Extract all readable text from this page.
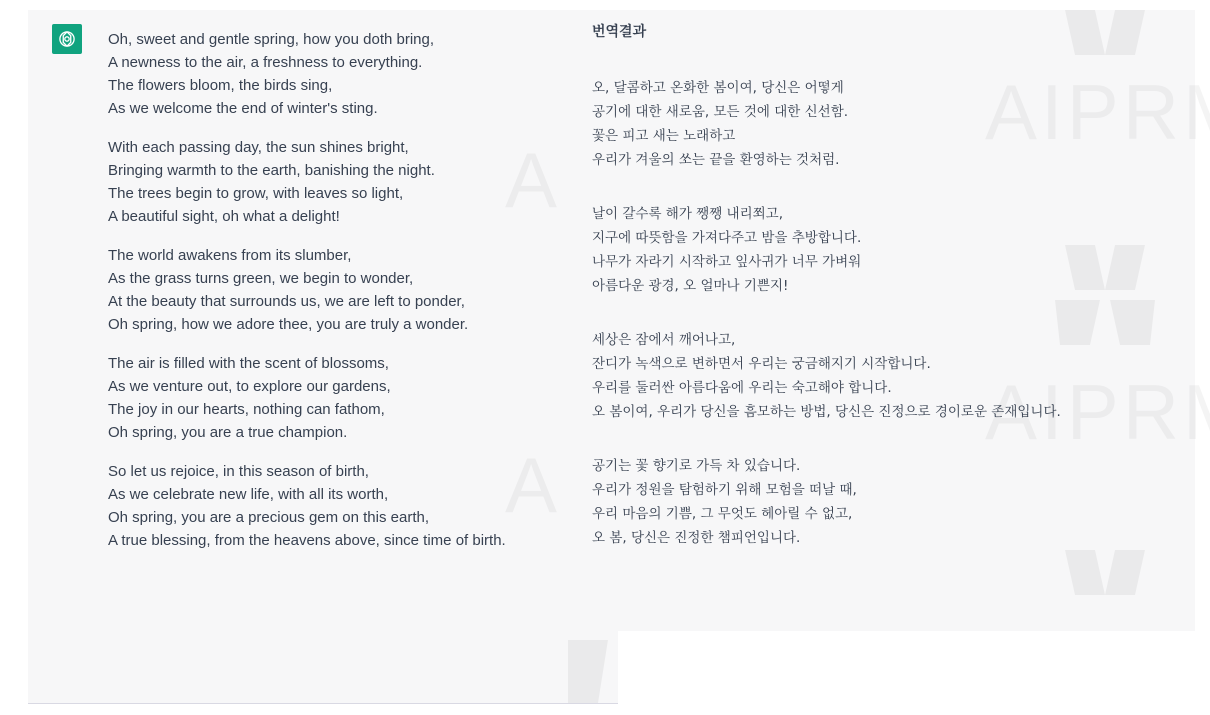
Oh, sweet and gentle spring, how you doth bring,
A newness to the air, a freshness to everything.
The flowers bloom, the birds sing,
As we welcome the end of winter's sting.
With each passing day, the sun shines bright,
Bringing warmth to the earth, banishing the night.
The trees begin to grow, with leaves so light,
A beautiful sight, oh what a delight!
The world awakens from its slumber,
As the grass turns green, we begin to wonder,
At the beauty that surrounds us, we are left to ponder,
Oh spring, how we adore thee, you are truly a wonder.
The air is filled with the scent of blossoms,
As we venture out, to explore our gardens,
The joy in our hearts, nothing can fathom,
Oh spring, you are a true champion.
So let us rejoice, in this season of birth,
As we celebrate new life, with all its worth,
Oh spring, you are a precious gem on this earth,
A true blessing, from the heavens above, since time of birth.
번역결과
오, 달콤하고 온화한 봄이여, 당신은 어떻게
공기에 대한 새로움, 모든 것에 대한 신선함.
꽃은 피고 새는 노래하고
우리가 겨울의 쏘는 끝을 환영하는 것처럼.
날이 갈수록 해가 쨍쨍 내리쬐고,
지구에 따뜻함을 가져다주고 밤을 추방합니다.
나무가 자라기 시작하고 잎사귀가 너무 가벼워
아름다운 광경, 오 얼마나 기쁜지!
세상은 잠에서 깨어나고,
잔디가 녹색으로 변하면서 우리는 궁금해지기 시작합니다.
우리를 둘러싼 아름다움에 우리는 숙고해야 합니다.
오 봄이여, 우리가 당신을 흠모하는 방법, 당신은 진정으로 경이로운 존재입니다.
공기는 꽃 향기로 가득 차 있습니다.
우리가 정원을 탐험하기 위해 모험을 떠날 때,
우리 마음의 기쁨, 그 무엇도 헤아릴 수 없고,
오 봄, 당신은 진정한 챔피언입니다.
